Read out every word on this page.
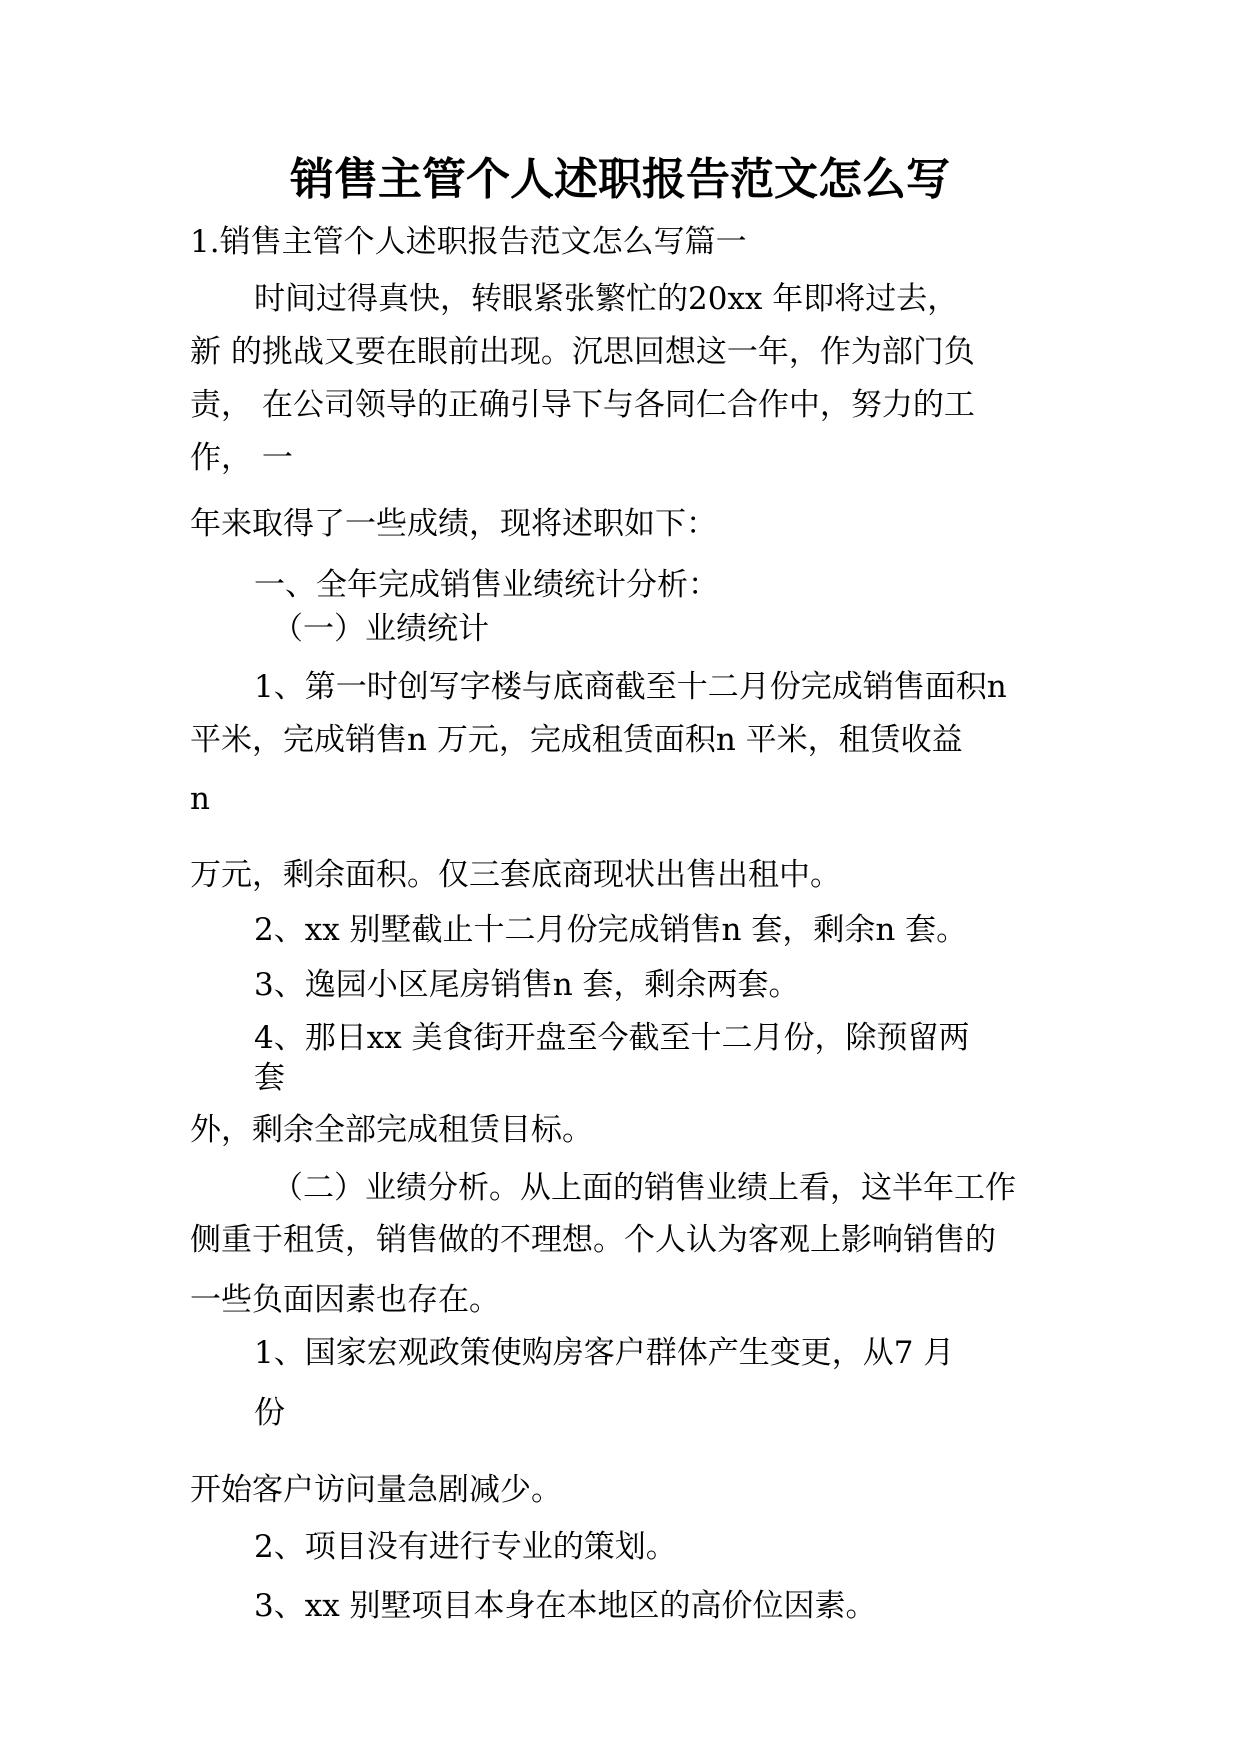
销售主管个人述职报告范文怎么写
1.销售主管个人述职报告范文怎么写篇一
时间过得真快，转眼紧张繁忙的20xx 年即将过去，
新 的挑战又要在眼前出现。沉思回想这一年，作为部门负
责， 在公司领导的正确引导下与各同仁合作中，努力的工
作， 一
年来取得了一些成绩，现将述职如下：
一、全年完成销售业绩统计分析：
（一）业绩统计
1、第一时创写字楼与底商截至十二月份完成销售面积n
平米，完成销售n 万元，完成租赁面积n 平米，租赁收益
n
万元，剩余面积。仅三套底商现状出售出租中。
2、xx 别墅截止十二月份完成销售n 套，剩余n 套。
3、逸园小区尾房销售n 套，剩余两套。
4、那日xx 美食街开盘至今截至十二月份，除预留两
套
外，剩余全部完成租赁目标。
（二）业绩分析。从上面的销售业绩上看，这半年工作
侧重于租赁，销售做的不理想。个人认为客观上影响销售的
一些负面因素也存在。
1、国家宏观政策使购房客户群体产生变更，从7 月
份
开始客户访问量急剧减少。
2、项目没有进行专业的策划。
3、xx 别墅项目本身在本地区的高价位因素。
